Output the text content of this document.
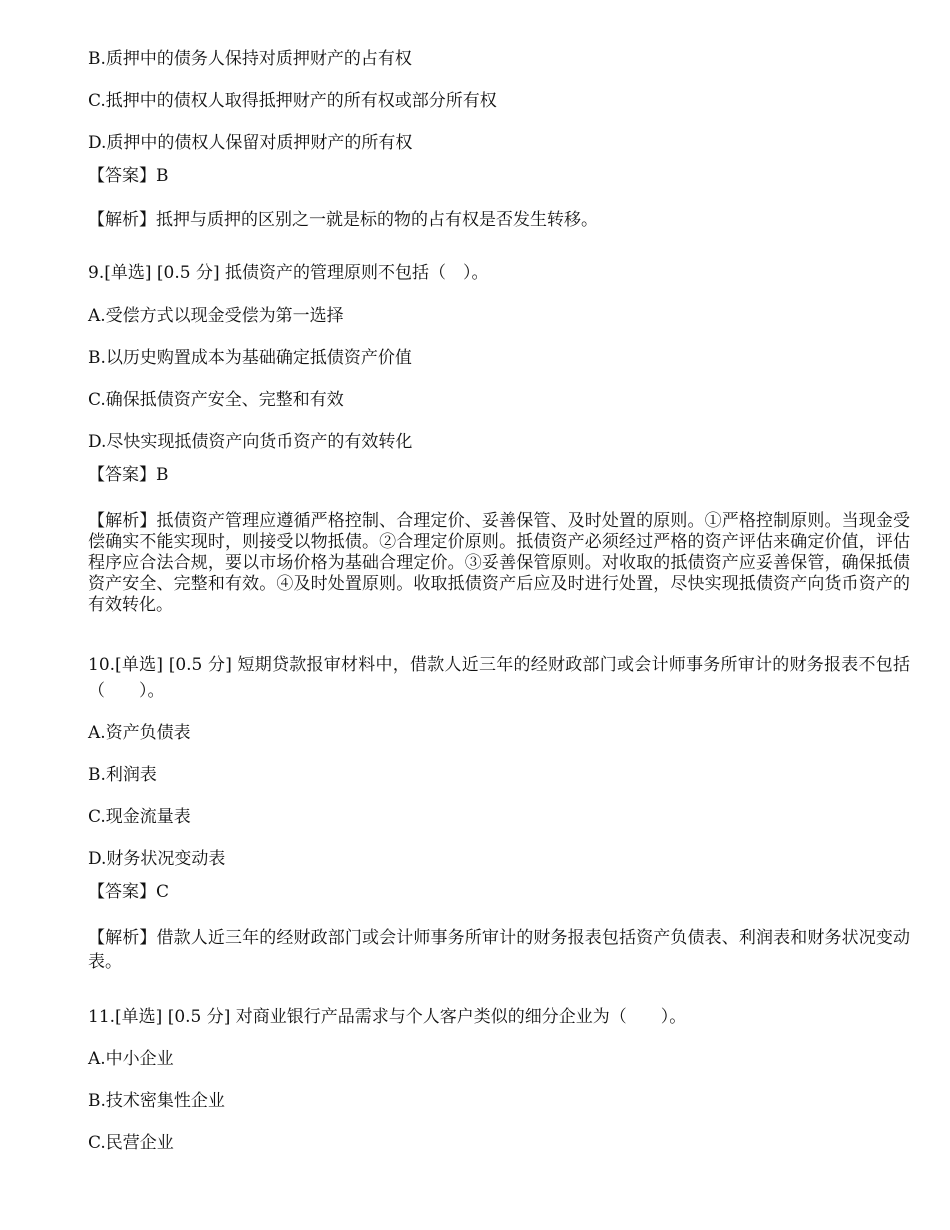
B.质押中的债务人保持对质押财产的占有权
C.抵押中的债权人取得抵押财产的所有权或部分所有权
D.质押中的债权人保留对质押财产的所有权
【答案】B
【解析】抵押与质押的区别之一就是标的物的占有权是否发生转移。
9.[单选] [0.5 分] 抵债资产的管理原则不包括（　）。
A.受偿方式以现金受偿为第一选择
B.以历史购置成本为基础确定抵债资产价值
C.确保抵债资产安全、完整和有效
D.尽快实现抵债资产向货币资产的有效转化
【答案】B
【解析】抵债资产管理应遵循严格控制、合理定价、妥善保管、及时处置的原则。①严格控制原则。当现金受偿确实不能实现时，则接受以物抵债。②合理定价原则。抵债资产必须经过严格的资产评估来确定价值，评估程序应合法合规，要以市场价格为基础合理定价。③妥善保管原则。对收取的抵债资产应妥善保管，确保抵债资产安全、完整和有效。④及时处置原则。收取抵债资产后应及时进行处置，尽快实现抵债资产向货币资产的有效转化。
10.[单选] [0.5 分] 短期贷款报审材料中，借款人近三年的经财政部门或会计师事务所审计的财务报表不包括（　　）。
A.资产负债表
B.利润表
C.现金流量表
D.财务状况变动表
【答案】C
【解析】借款人近三年的经财政部门或会计师事务所审计的财务报表包括资产负债表、利润表和财务状况变动表。
11.[单选] [0.5 分] 对商业银行产品需求与个人客户类似的细分企业为（　　）。
A.中小企业
B.技术密集性企业
C.民营企业
